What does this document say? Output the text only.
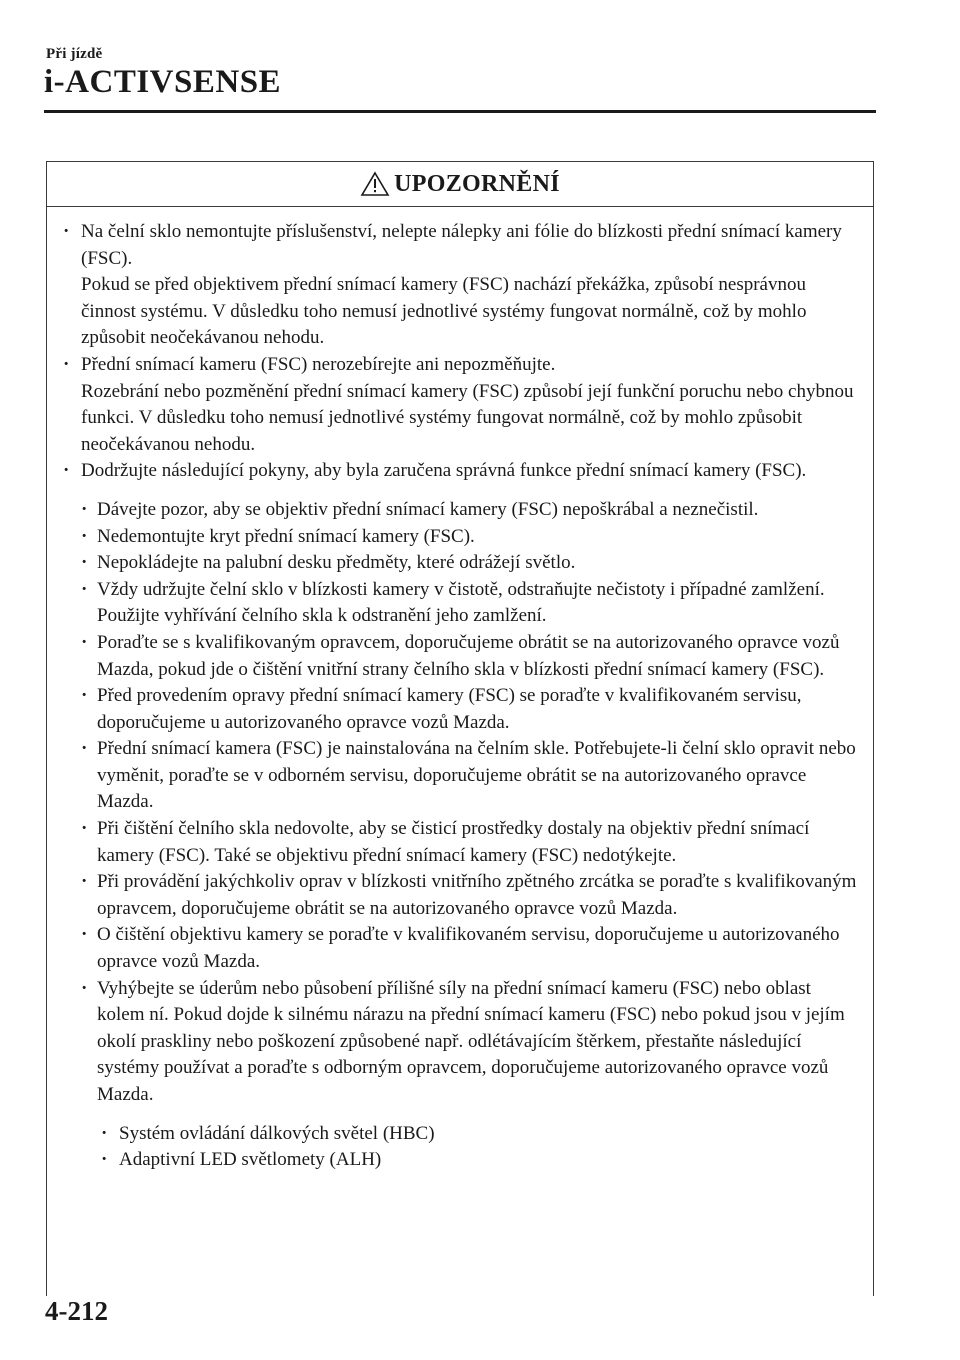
Při jízdě
i-ACTIVSENSE
UPOZORNĚNÍ

· Na čelní sklo nemontujte příslušenství, nelepte nálepky ani fólie do blízkosti přední snímací kamery (FSC).

Pokud se před objektivem přední snímací kamery (FSC) nachází překážka, způsobí nesprávnou činnost systému. V důsledku toho nemusí jednotlivé systémy fungovat normálně, což by mohlo způsobit neočekávanou nehodu.

· Přední snímací kameru (FSC) nerozebírejte ani nepozměňujte.

Rozebrání nebo pozměnění přední snímací kamery (FSC) způsobí její funkční poruchu nebo chybnou funkci. V důsledku toho nemusí jednotlivé systémy fungovat normálně, což by mohlo způsobit neočekávanou nehodu.

· Dodržujte následující pokyny, aby byla zaručena správná funkce přední snímací kamery (FSC).

· Dávejte pozor, aby se objektiv přední snímací kamery (FSC) nepoškrábal a neznečistil.
· Nedemontujte kryt přední snímací kamery (FSC).
· Nepokládejte na palubní desku předměty, které odrážejí světlo.
· Vždy udržujte čelní sklo v blízkosti kamery v čistotě, odstraňujte nečistoty i případné zamlžení. Použijte vyhřívání čelního skla k odstranění jeho zamlžení.
· Poraďte se s kvalifikovaným opravcem, doporučujeme obrátit se na autorizovaného opravce vozů Mazda, pokud jde o čištění vnitřní strany čelního skla v blízkosti přední snímací kamery (FSC).
· Před provedením opravy přední snímací kamery (FSC) se poraďte v kvalifikovaném servisu, doporučujeme u autorizovaného opravce vozů Mazda.
· Přední snímací kamera (FSC) je nainstalována na čelním skle. Potřebujete-li čelní sklo opravit nebo vyměnit, poraďte se v odborném servisu, doporučujeme obrátit se na autorizovaného opravce Mazda.
· Při čištění čelního skla nedovolte, aby se čisticí prostředky dostaly na objektiv přední snímací kamery (FSC). Také se objektivu přední snímací kamery (FSC) nedotýkejte.
· Při provádění jakýchkoliv oprav v blízkosti vnitřního zpětného zrcátka se poraďte s kvalifikovaným opravcem, doporučujeme obrátit se na autorizovaného opravce vozů Mazda.
· O čištění objektivu kamery se poraďte v kvalifikovaném servisu, doporučujeme u autorizovaného opravce vozů Mazda.
· Vyhýbejte se úderům nebo působení přílišné síly na přední snímací kameru (FSC) nebo oblast kolem ní. Pokud dojde k silnému nárazu na přední snímací kameru (FSC) nebo pokud jsou v jejím okolí praskliny nebo poškození způsobené např. odlétávajícím štěrkem, přestaňte následující systémy používat a poraďte s odborným opravcem, doporučujeme autorizovaného opravce vozů Mazda.
· Systém ovládání dálkových světel (HBC)
· Adaptivní LED světlomety (ALH)
4-212
